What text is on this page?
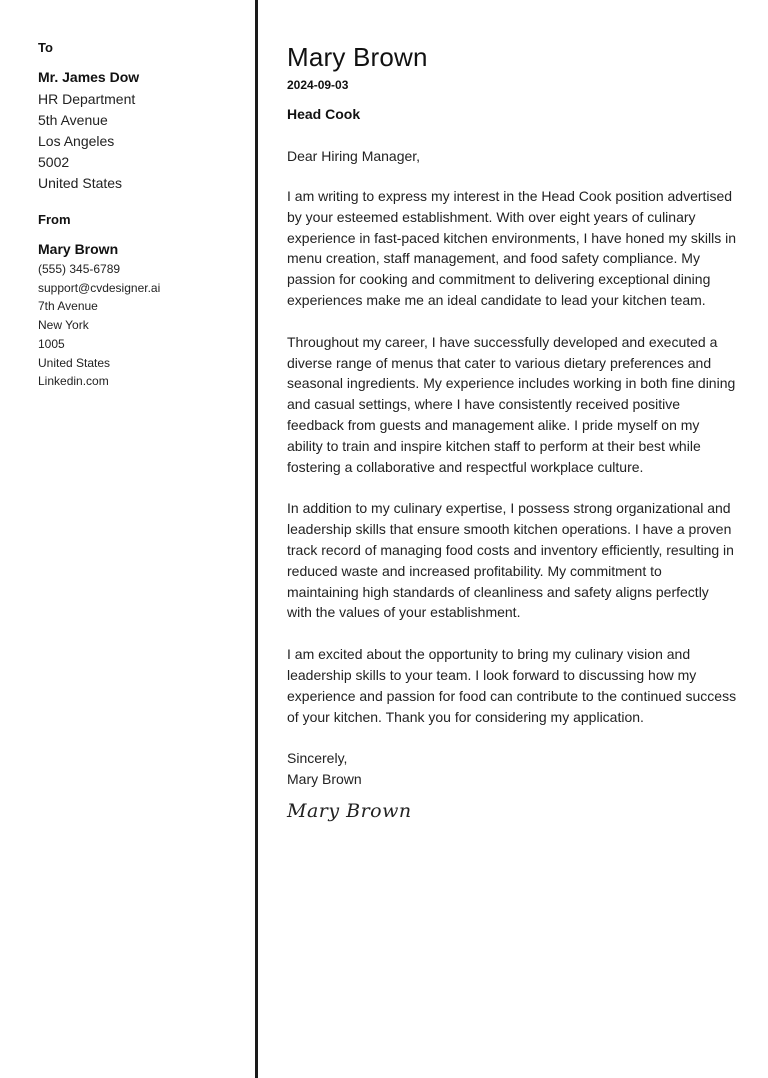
To
Mr. James Dow
HR Department
5th Avenue
Los Angeles
5002
United States
From
Mary Brown
(555) 345-6789
support@cvdesigner.ai
7th Avenue
New York
1005
United States
Linkedin.com
Mary Brown
2024-09-03
Head Cook
Dear Hiring Manager,
I am writing to express my interest in the Head Cook position advertised by your esteemed establishment. With over eight years of culinary experience in fast-paced kitchen environments, I have honed my skills in menu creation, staff management, and food safety compliance. My passion for cooking and commitment to delivering exceptional dining experiences make me an ideal candidate to lead your kitchen team.
Throughout my career, I have successfully developed and executed a diverse range of menus that cater to various dietary preferences and seasonal ingredients. My experience includes working in both fine dining and casual settings, where I have consistently received positive feedback from guests and management alike. I pride myself on my ability to train and inspire kitchen staff to perform at their best while fostering a collaborative and respectful workplace culture.
In addition to my culinary expertise, I possess strong organizational and leadership skills that ensure smooth kitchen operations. I have a proven track record of managing food costs and inventory efficiently, resulting in reduced waste and increased profitability. My commitment to maintaining high standards of cleanliness and safety aligns perfectly with the values of your establishment.
I am excited about the opportunity to bring my culinary vision and leadership skills to your team. I look forward to discussing how my experience and passion for food can contribute to the continued success of your kitchen. Thank you for considering my application.
Sincerely,
Mary Brown
Mary Brown
